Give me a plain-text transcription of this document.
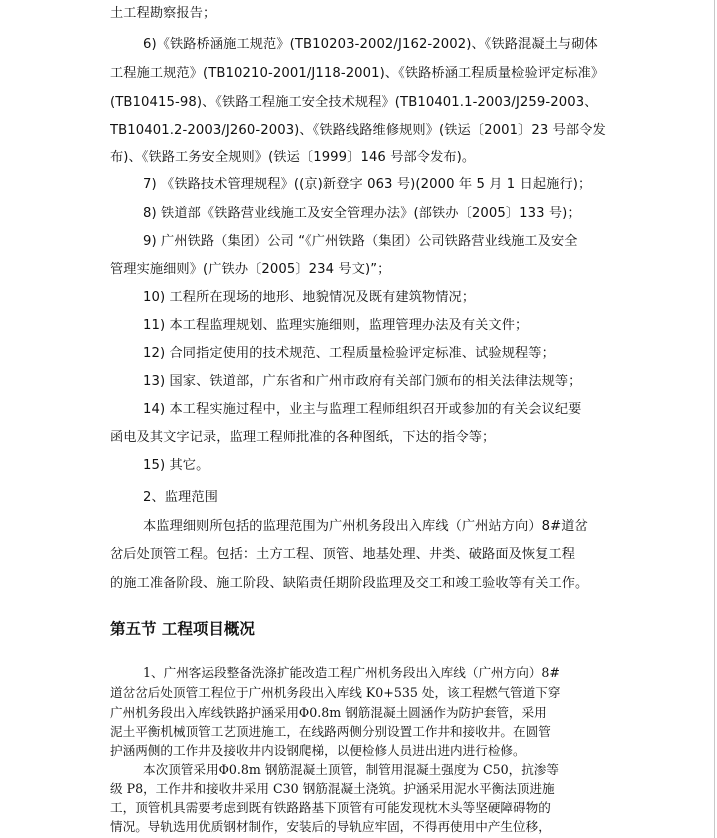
土工程勘察报告；
6)《铁路桥涵施工规范》(TB10203-2002/J162-2002)、《铁路混凝土与砌体
工程施工规范》(TB10210-2001/J118-2001)、《铁路桥涵工程质量检验评定标准》
(TB10415-98)、《铁路工程施工安全技术规程》(TB10401.1-2003/J259-2003、
TB10401.2-2003/J260-2003)、《铁路线路维修规则》(铁运〔2001〕23 号部令发
布)、《铁路工务安全规则》(铁运〔1999〕146 号部令发布)。
7) 《铁路技术管理规程》((京)新登字 063 号)(2000 年 5 月 1 日起施行)；
8) 铁道部《铁路营业线施工及安全管理办法》(部铁办〔2005〕133 号)；
9) 广州铁路（集团）公司 “《广州铁路（集团）公司铁路营业线施工及安全
管理实施细则》(广铁办〔2005〕234 号文)”；
10) 工程所在现场的地形、地貌情况及既有建筑物情况；
11) 本工程监理规划、监理实施细则，监理管理办法及有关文件；
12) 合同指定使用的技术规范、工程质量检验评定标准、试验规程等；
13) 国家、铁道部，广东省和广州市政府有关部门颁布的相关法律法规等；
14) 本工程实施过程中，业主与监理工程师组织召开或参加的有关会议纪要
函电及其文字记录，监理工程师批准的各种图纸，下达的指令等；
15) 其它。
2、监理范围
本监理细则所包括的监理范围为广州机务段出入库线（广州站方向）8#道岔
岔后处顶管工程。包括：土方工程、顶管、地基处理、井类、破路面及恢复工程
的施工准备阶段、施工阶段、缺陷责任期阶段监理及交工和竣工验收等有关工作。
第五节 工程项目概况
1、广州客运段整备洗涤扩能改造工程广州机务段出入库线（广州方向）8#
道岔岔后处顶管工程位于广州机务段出入库线 K0+535 处，该工程燃气管道下穿
广州机务段出入库线铁路护涵采用Φ0.8m 钢筋混凝土圆涵作为防护套管，采用
泥土平衡机械顶管工艺顶进施工，在线路两侧分别设置工作井和接收井。在圆管
护涵两侧的工作井及接收井内设钢爬梯，以便检修人员进出进内进行检修。
本次顶管采用Φ0.8m 钢筋混凝土顶管，制管用混凝土强度为 C50，抗渗等
级 P8，工作井和接收井采用 C30 钢筋混凝土浇筑。护涵采用泥水平衡法顶进施
工，顶管机具需要考虑到既有铁路路基下顶管有可能发现枕木头等坚硬障碍物的
情况。导轨选用优质钢材制作，安装后的导轨应牢固，不得再使用中产生位移，
